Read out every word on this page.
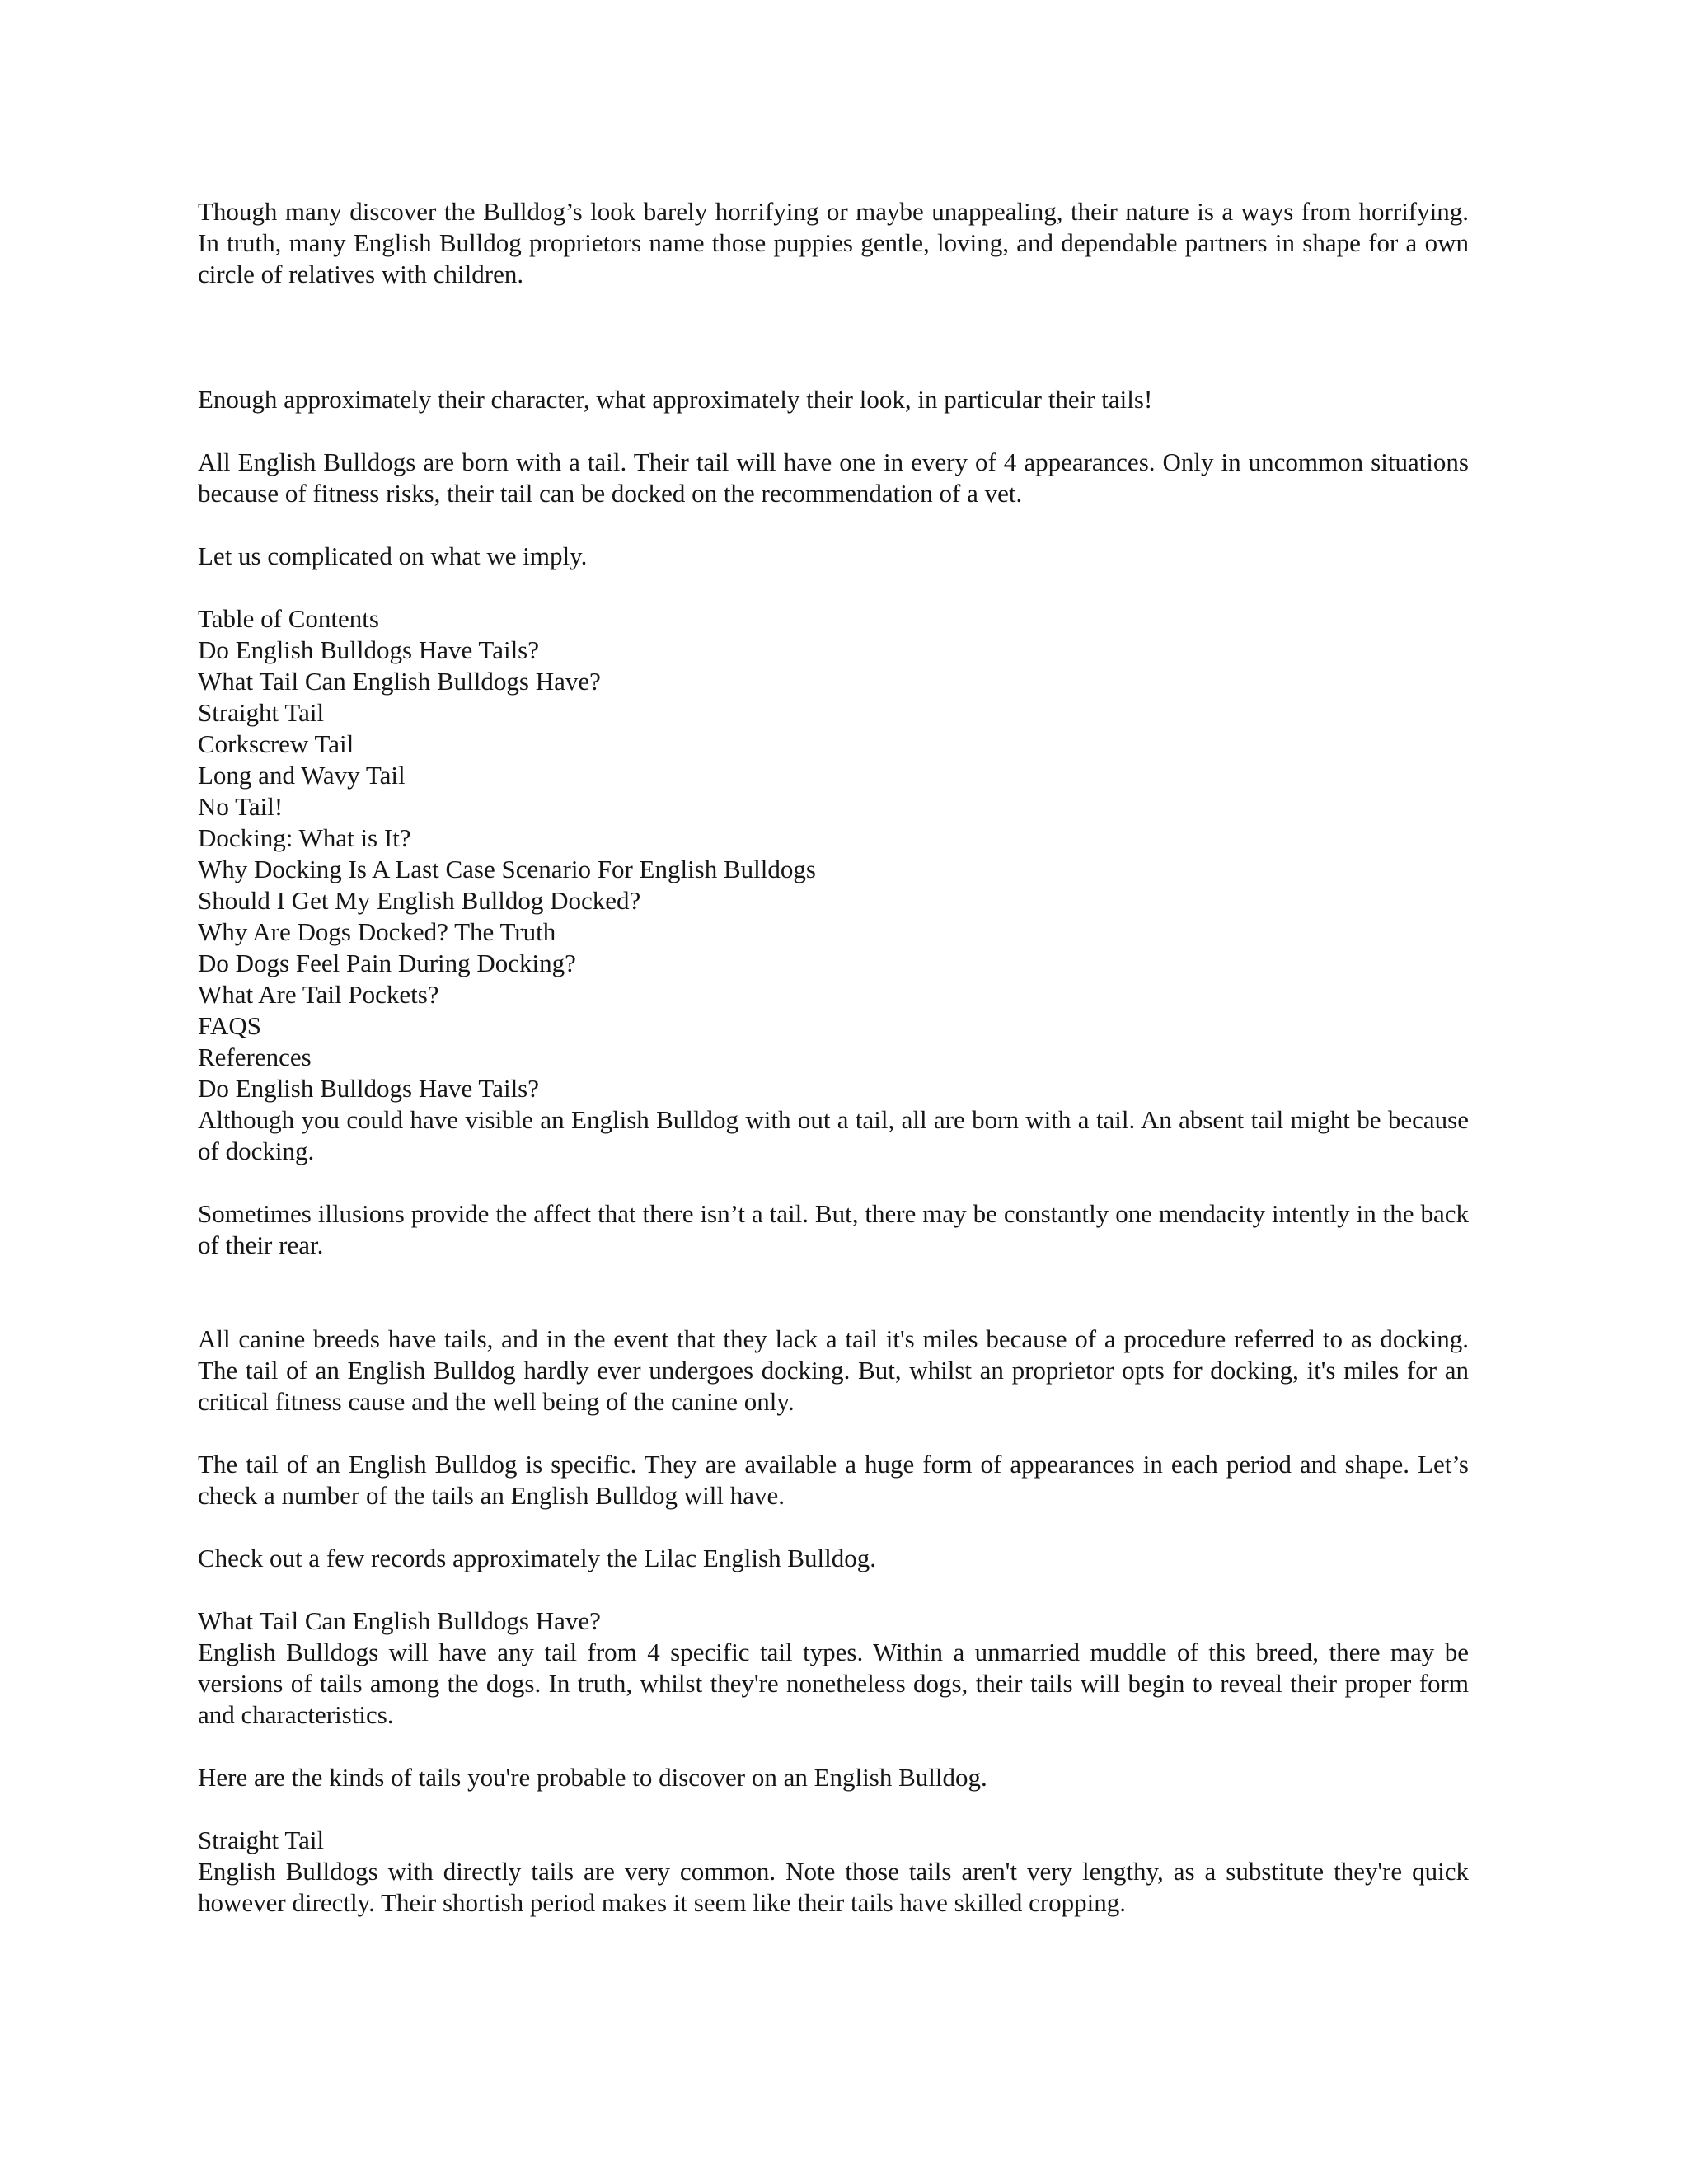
Though many discover the Bulldog’s look barely horrifying or maybe unappealing, their nature is a ways from horrifying. In truth, many English Bulldog proprietors name those puppies gentle, loving, and dependable partners in shape for a own circle of relatives with children.

Enough approximately their character, what approximately their look, in particular their tails!

All English Bulldogs are born with a tail. Their tail will have one in every of 4 appearances. Only in uncommon situations because of fitness risks, their tail can be docked on the recommendation of a vet.

Let us complicated on what we imply.

Table of Contents
Do English Bulldogs Have Tails?
What Tail Can English Bulldogs Have?
Straight Tail
Corkscrew Tail
Long and Wavy Tail
No Tail!
Docking: What is It?
Why Docking Is A Last Case Scenario For English Bulldogs
Should I Get My English Bulldog Docked?
Why Are Dogs Docked? The Truth
Do Dogs Feel Pain During Docking?
What Are Tail Pockets?
FAQS
References
Do English Bulldogs Have Tails?

Although you could have visible an English Bulldog with out a tail, all are born with a tail. An absent tail might be because of docking.

Sometimes illusions provide the affect that there isn’t a tail. But, there may be constantly one mendacity intently in the back of their rear.

All canine breeds have tails, and in the event that they lack a tail it's miles because of a procedure referred to as docking. The tail of an English Bulldog hardly ever undergoes docking. But, whilst an proprietor opts for docking, it's miles for an critical fitness cause and the well being of the canine only.

The tail of an English Bulldog is specific. They are available a huge form of appearances in each period and shape. Let’s check a number of the tails an English Bulldog will have.

Check out a few records approximately the Lilac English Bulldog.

What Tail Can English Bulldogs Have?

English Bulldogs will have any tail from 4 specific tail types. Within a unmarried muddle of this breed, there may be versions of tails among the dogs. In truth, whilst they're nonetheless dogs, their tails will begin to reveal their proper form and characteristics.

Here are the kinds of tails you're probable to discover on an English Bulldog.

Straight Tail

English Bulldogs with directly tails are very common. Note those tails aren't very lengthy, as a substitute they're quick however directly. Their shortish period makes it seem like their tails have skilled cropping.
